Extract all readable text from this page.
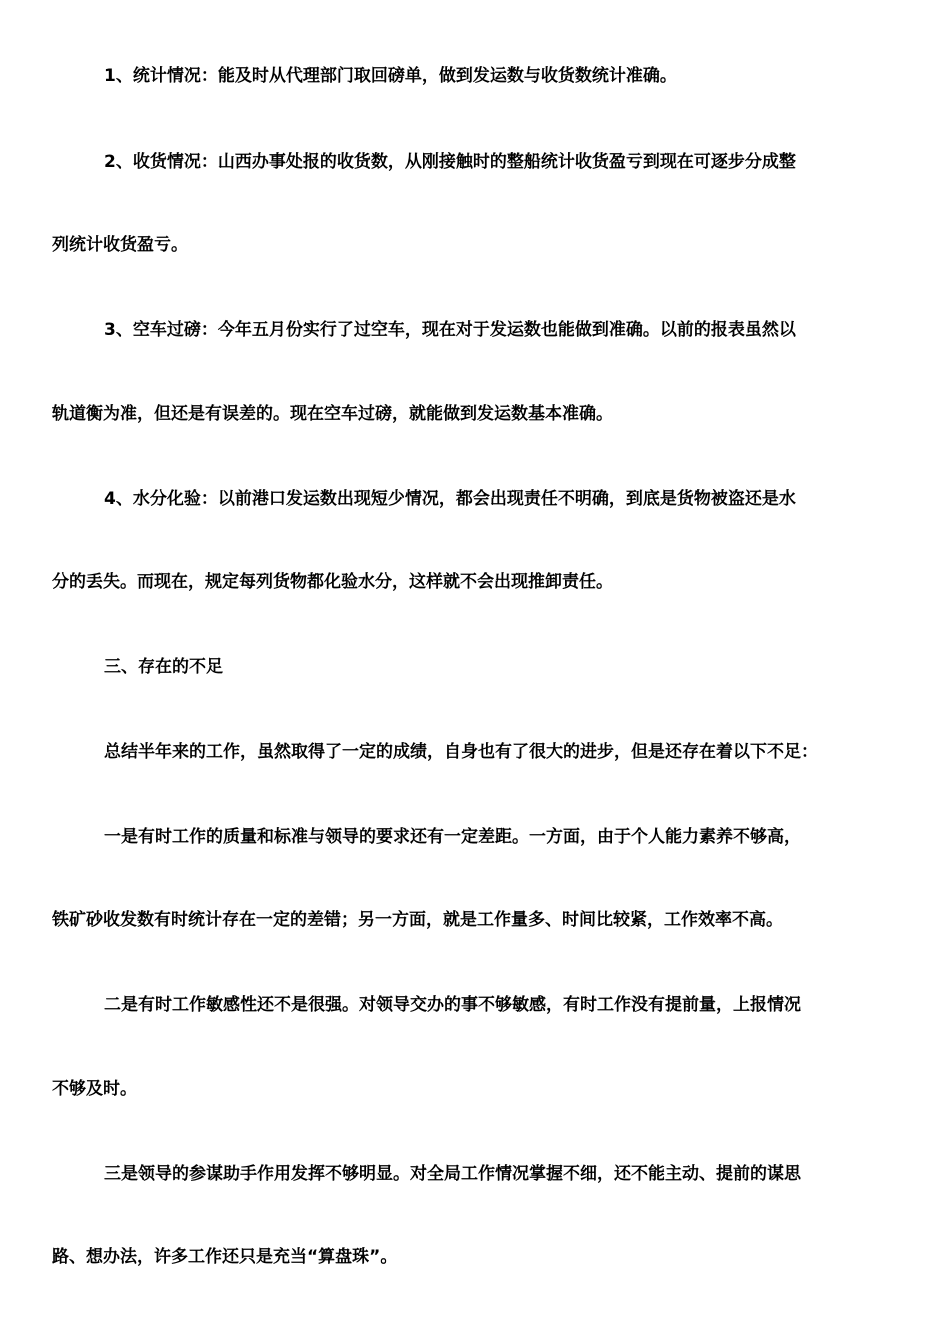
1、统计情况：能及时从代理部门取回磅单，做到发运数与收货数统计准确。
2、收货情况：山西办事处报的收货数，从刚接触时的整船统计收货盈亏到现在可逐步分成整
列统计收货盈亏。
3、空车过磅：今年五月份实行了过空车，现在对于发运数也能做到准确。以前的报表虽然以
轨道衡为准，但还是有误差的。现在空车过磅，就能做到发运数基本准确。
4、水分化验：以前港口发运数出现短少情况，都会出现责任不明确，到底是货物被盗还是水
分的丢失。而现在，规定每列货物都化验水分，这样就不会出现推卸责任。
三、存在的不足
总结半年来的工作，虽然取得了一定的成绩，自身也有了很大的进步，但是还存在着以下不足：
一是有时工作的质量和标准与领导的要求还有一定差距。一方面，由于个人能力素养不够高，
铁矿砂收发数有时统计存在一定的差错；另一方面，就是工作量多、时间比较紧，工作效率不高。
二是有时工作敏感性还不是很强。对领导交办的事不够敏感，有时工作没有提前量，上报情况
不够及时。
三是领导的参谋助手作用发挥不够明显。对全局工作情况掌握不细，还不能主动、提前的谋思
路、想办法，许多工作还只是充当“算盘珠”。
